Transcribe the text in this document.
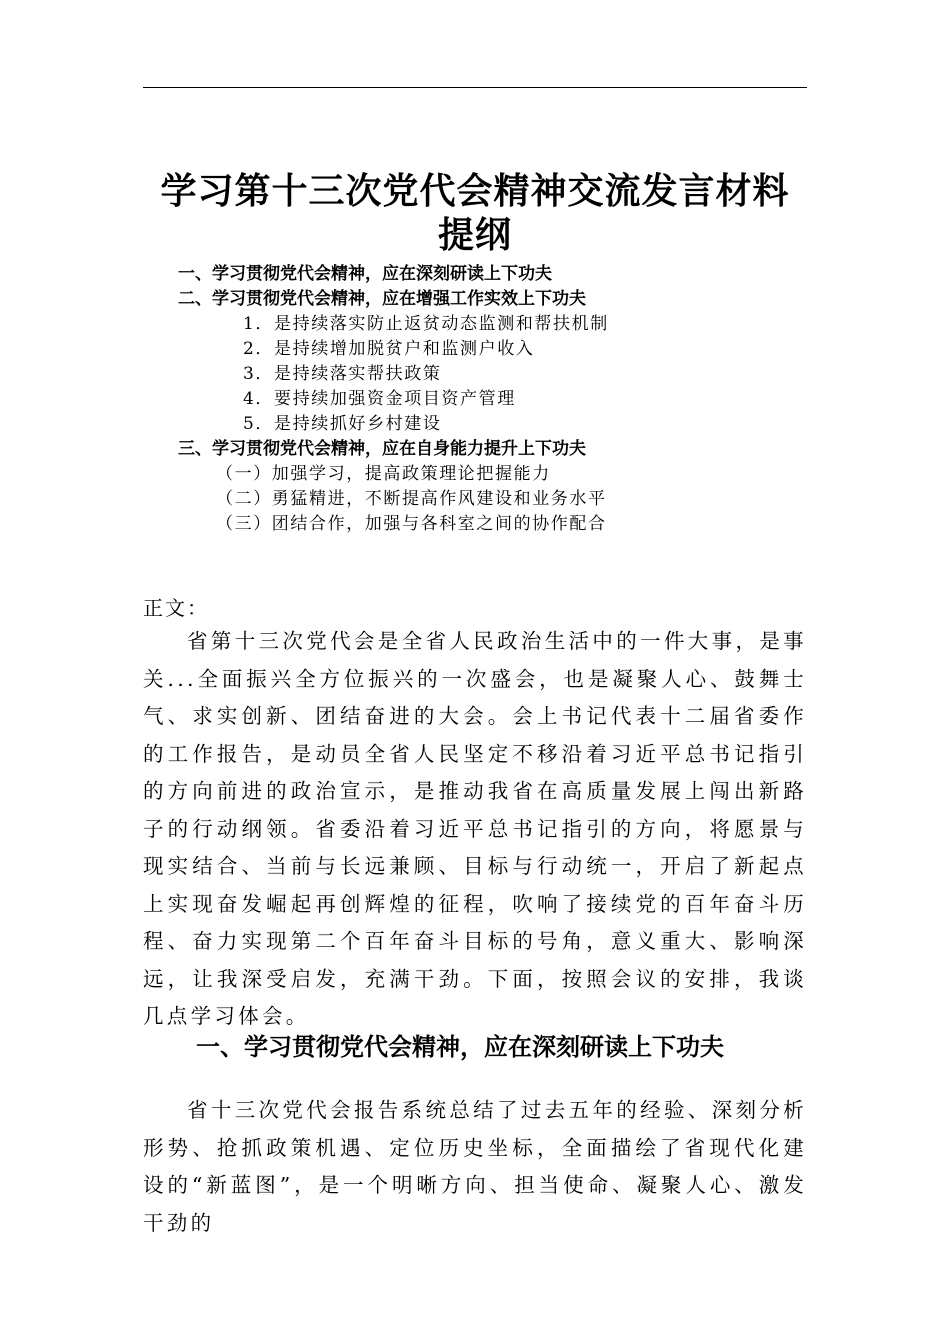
学习第十三次党代会精神交流发言材料
提纲
一、学习贯彻党代会精神，应在深刻研读上下功夫
二、学习贯彻党代会精神，应在增强工作实效上下功夫
1．是持续落实防止返贫动态监测和帮扶机制
2．是持续增加脱贫户和监测户收入
3．是持续落实帮扶政策
4．要持续加强资金项目资产管理
5．是持续抓好乡村建设
三、学习贯彻党代会精神，应在自身能力提升上下功夫
（一）加强学习，提高政策理论把握能力
（二）勇猛精进，不断提高作风建设和业务水平
（三）团结合作，加强与各科室之间的协作配合
正文：

省第十三次党代会是全省人民政治生活中的一件大事，是事关...全面振兴全方位振兴的一次盛会，也是凝聚人心、鼓舞士气、求实创新、团结奋进的大会。会上书记代表十二届省委作的工作报告，是动员全省人民坚定不移沿着习近平总书记指引的方向前进的政治宣示，是推动我省在高质量发展上闯出新路子的行动纲领。省委沿着习近平总书记指引的方向，将愿景与现实结合、当前与长远兼顾、目标与行动统一，开启了新起点上实现奋发崛起再创辉煌的征程，吹响了接续党的百年奋斗历程、奋力实现第二个百年奋斗目标的号角，意义重大、影响深远，让我深受启发，充满干劲。下面，按照会议的安排，我谈几点学习体会。

一、学习贯彻党代会精神，应在深刻研读上下功夫

省十三次党代会报告系统总结了过去五年的经验、深刻分析形势、抢抓政策机遇、定位历史坐标，全面描绘了省现代化建设的“新蓝图”，是一个明晰方向、担当使命、凝聚人心、激发干劲的
